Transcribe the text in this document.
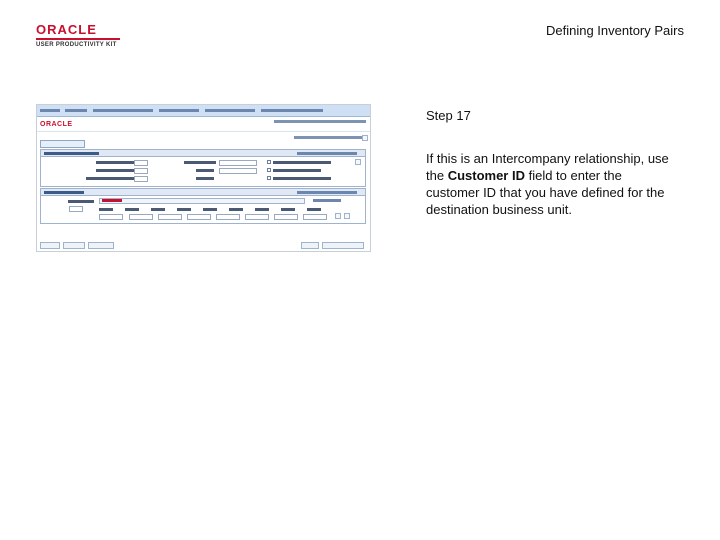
ORACLE
USER PRODUCTIVITY KIT
Defining Inventory Pairs
ORACLE
Step 17
If this is an Intercompany relationship, use the Customer ID field to enter the customer ID that you have defined for the destination business unit.
